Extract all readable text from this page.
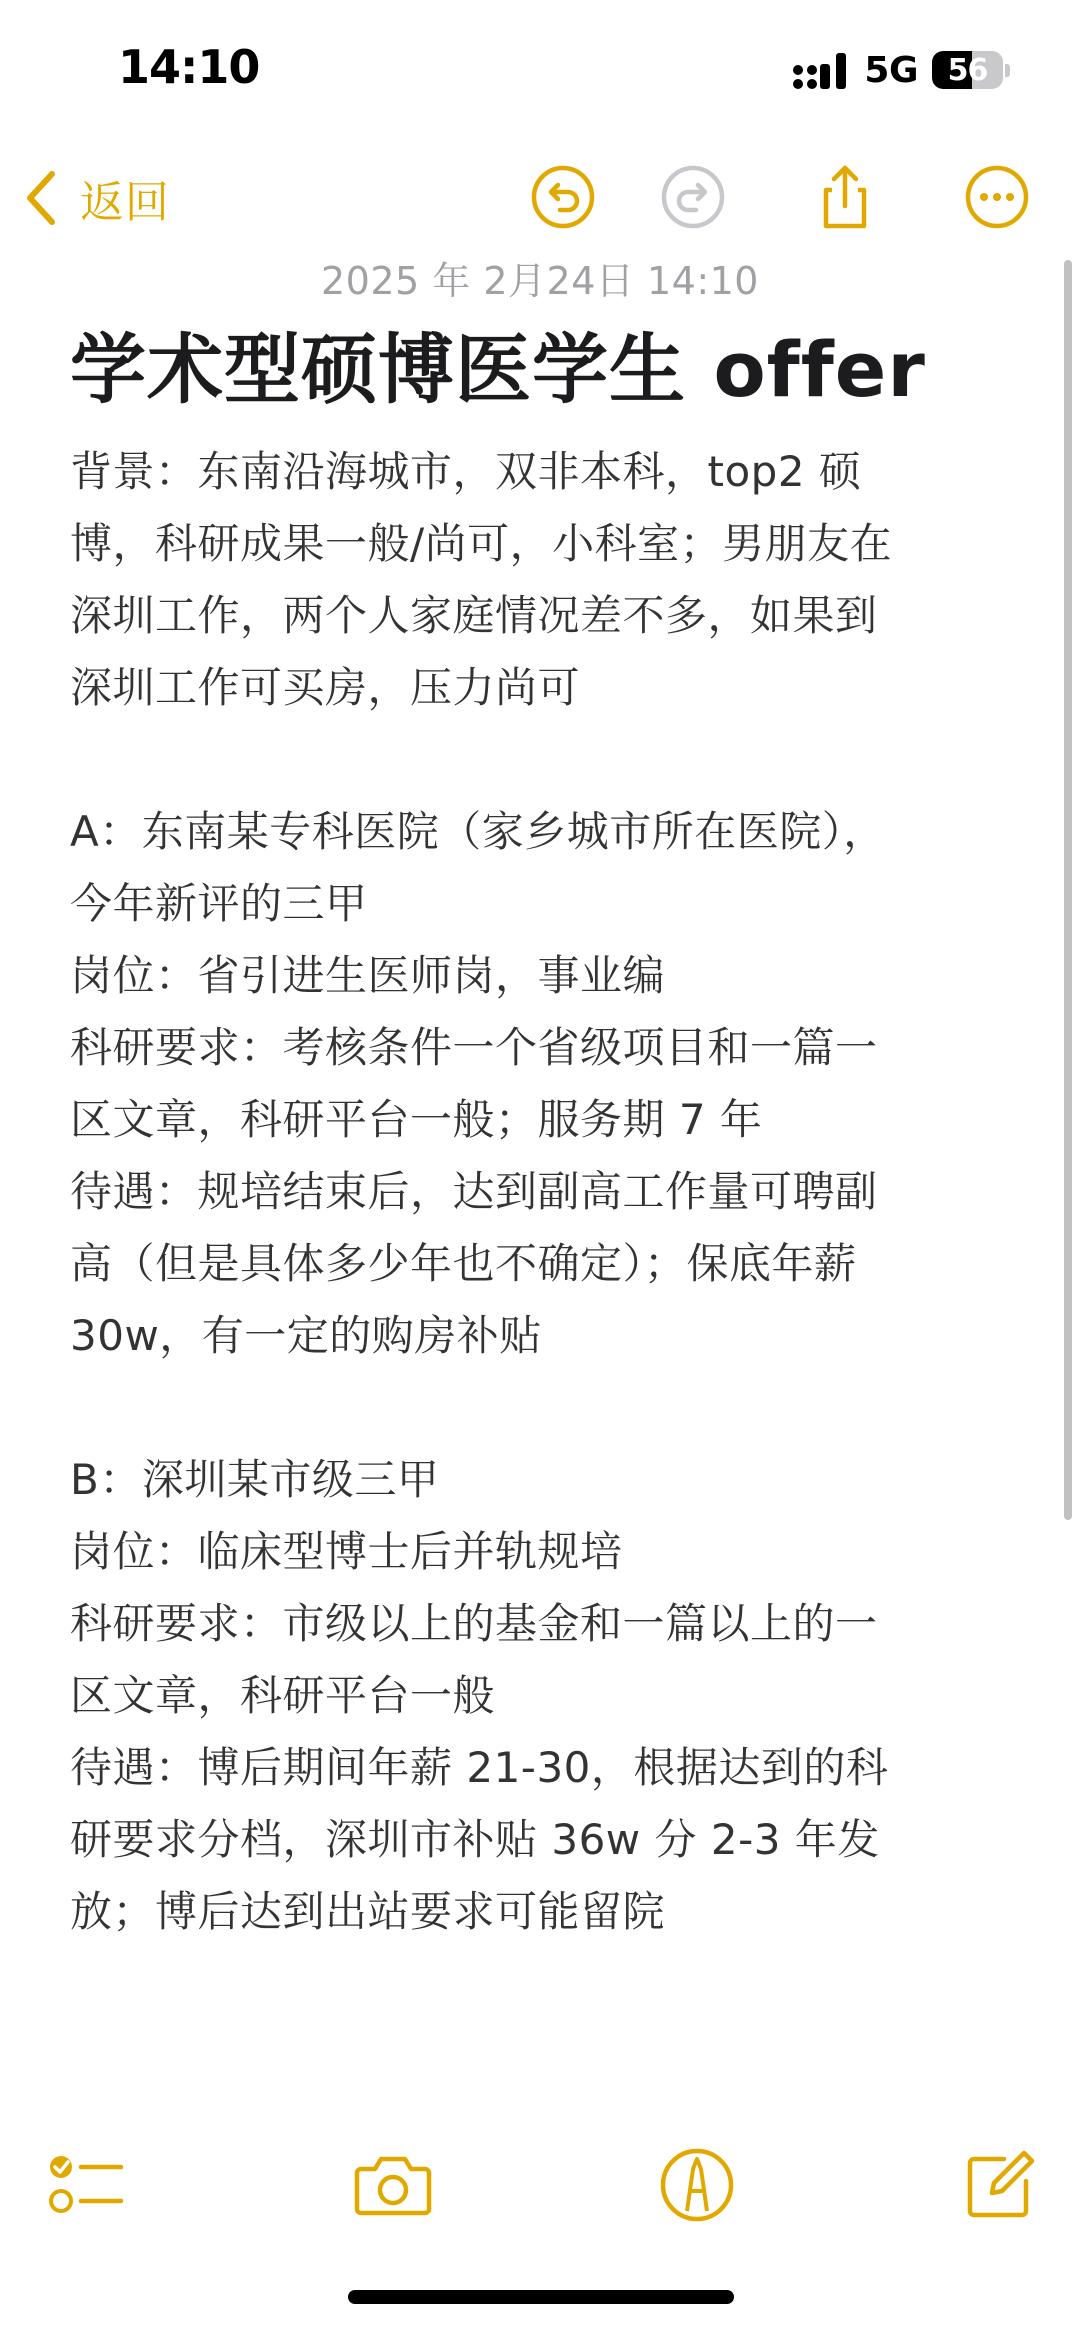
14:10	5G 56
返回
2025 年 2月24日 14:10
学术型硕博医学生 offer
背景：东南沿海城市，双非本科，top2 硕
博，科研成果一般/尚可，小科室；男朋友在
深圳工作，两个人家庭情况差不多，如果到
深圳工作可买房，压力尚可
A：东南某专科医院（家乡城市所在医院），
今年新评的三甲
岗位：省引进生医师岗，事业编
科研要求：考核条件一个省级项目和一篇一
区文章，科研平台一般；服务期 7 年
待遇：规培结束后，达到副高工作量可聘副
高（但是具体多少年也不确定）；保底年薪
30w，有一定的购房补贴
B：深圳某市级三甲
岗位：临床型博士后并轨规培
科研要求：市级以上的基金和一篇以上的一
区文章，科研平台一般
待遇：博后期间年薪 21-30，根据达到的科
研要求分档，深圳市补贴 36w 分 2-3 年发
放；博后达到出站要求可能留院
